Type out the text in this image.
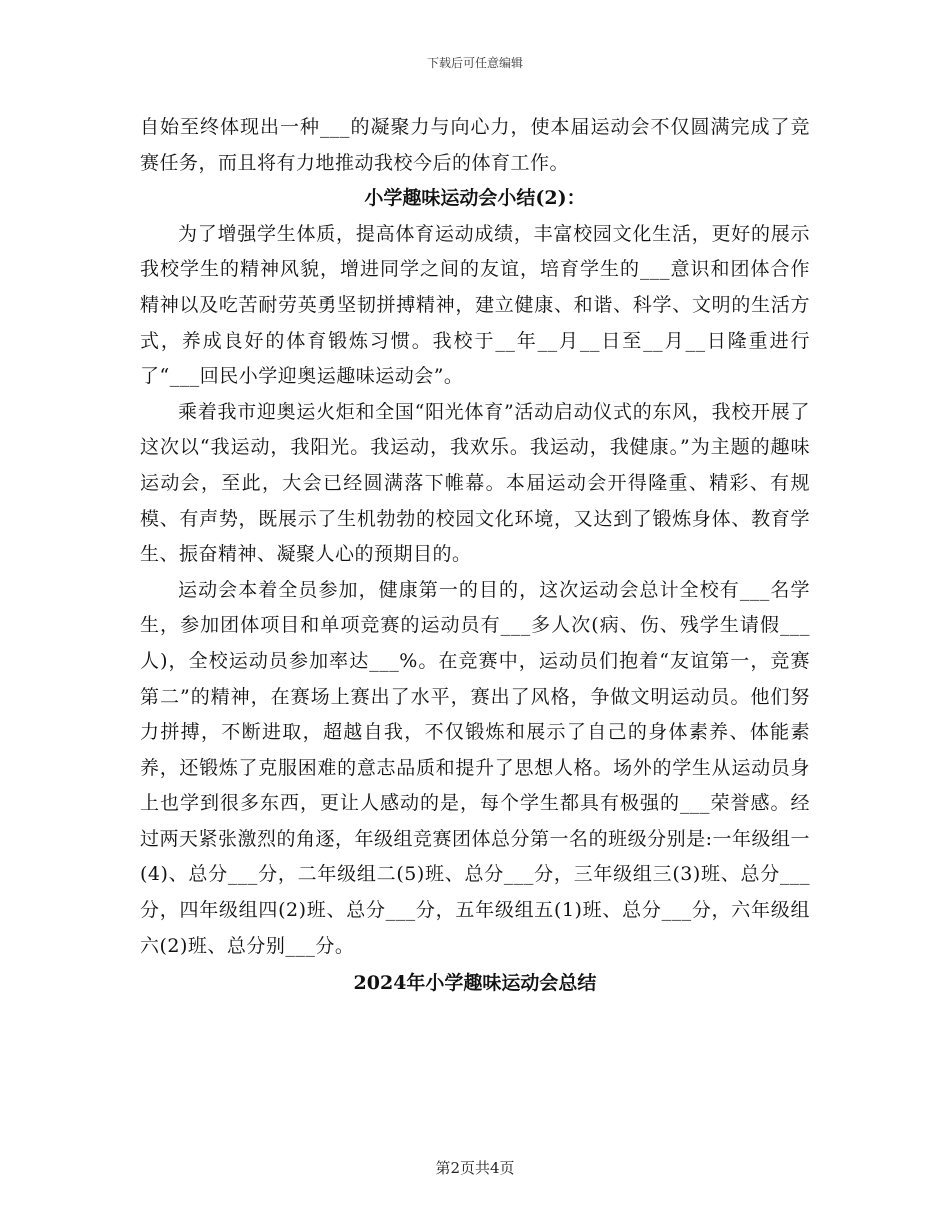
下载后可任意编辑

自始至终体现出一种___的凝聚力与向心力，使本届运动会不仅圆满完成了竞赛任务，而且将有力地推动我校今后的体育工作。

小学趣味运动会小结(2)：

为了增强学生体质，提高体育运动成绩，丰富校园文化生活，更好的展示我校学生的精神风貌，增进同学之间的友谊，培育学生的___意识和团体合作精神以及吃苦耐劳英勇坚韧拼搏精神，建立健康、和谐、科学、文明的生活方式，养成良好的体育锻炼习惯。我校于__年__月__日至__月__日隆重进行了“___回民小学迎奥运趣味运动会”。

乘着我市迎奥运火炬和全国“阳光体育”活动启动仪式的东风，我校开展了这次以“我运动，我阳光。我运动，我欢乐。我运动，我健康。”为主题的趣味运动会，至此，大会已经圆满落下帷幕。本届运动会开得隆重、精彩、有规模、有声势，既展示了生机勃勃的校园文化环境，又达到了锻炼身体、教育学生、振奋精神、凝聚人心的预期目的。

运动会本着全员参加，健康第一的目的，这次运动会总计全校有___名学生，参加团体项目和单项竞赛的运动员有___多人次(病、伤、残学生请假___人)，全校运动员参加率达___%。在竞赛中，运动员们抱着“友谊第一，竞赛第二”的精神，在赛场上赛出了水平，赛出了风格，争做文明运动员。他们努力拼搏，不断进取，超越自我，不仅锻炼和展示了自己的身体素养、体能素养，还锻炼了克服困难的意志品质和提升了思想人格。场外的学生从运动员身上也学到很多东西，更让人感动的是，每个学生都具有极强的___荣誉感。经过两天紧张激烈的角逐，年级组竞赛团体总分第一名的班级分别是:一年级组一(4)、总分___分，二年级组二(5)班、总分___分，三年级组三(3)班、总分___分，四年级组四(2)班、总分___分，五年级组五(1)班、总分___分，六年级组六(2)班、总分别___分。

2024年小学趣味运动会总结
第2页共4页
